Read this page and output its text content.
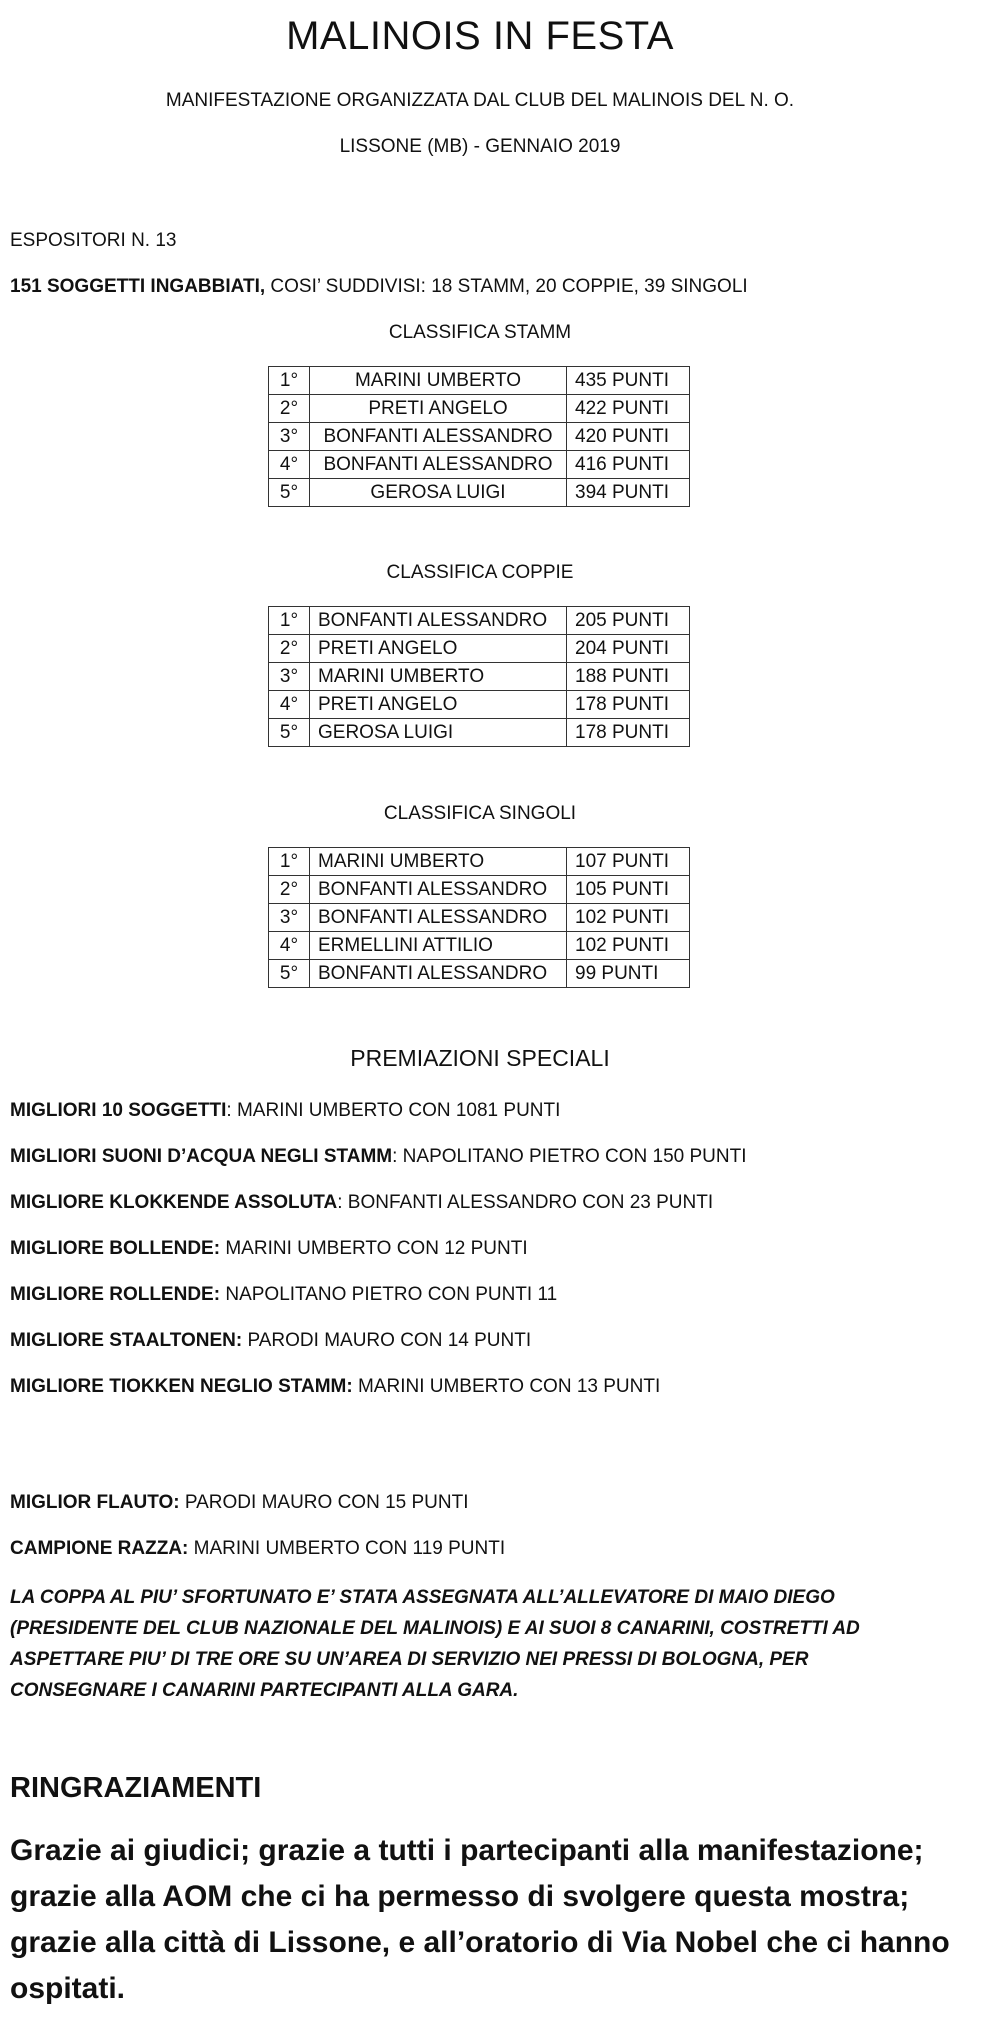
MALINOIS IN FESTA
MANIFESTAZIONE ORGANIZZATA DAL CLUB DEL MALINOIS DEL N. O.
LISSONE (MB) - GENNAIO 2019
ESPOSITORI N. 13
151 SOGGETTI INGABBIATI, COSI’ SUDDIVISI: 18 STAMM, 20 COPPIE, 39 SINGOLI
CLASSIFICA STAMM
1°	MARINI UMBERTO	435 PUNTI
2°	PRETI ANGELO	422 PUNTI
3°	BONFANTI ALESSANDRO	420 PUNTI
4°	BONFANTI ALESSANDRO	416 PUNTI
5°	GEROSA LUIGI	394 PUNTI
CLASSIFICA COPPIE
1°	BONFANTI ALESSANDRO	205 PUNTI
2°	PRETI ANGELO	204 PUNTI
3°	MARINI UMBERTO	188 PUNTI
4°	PRETI ANGELO	178 PUNTI
5°	GEROSA LUIGI	178 PUNTI
CLASSIFICA SINGOLI
1°	MARINI UMBERTO	107 PUNTI
2°	BONFANTI ALESSANDRO	105 PUNTI
3°	BONFANTI ALESSANDRO	102 PUNTI
4°	ERMELLINI ATTILIO	102 PUNTI
5°	BONFANTI ALESSANDRO	99 PUNTI
PREMIAZIONI SPECIALI
MIGLIORI 10 SOGGETTI: MARINI UMBERTO CON 1081 PUNTI
MIGLIORI SUONI D’ACQUA NEGLI STAMM: NAPOLITANO PIETRO CON 150 PUNTI
MIGLIORE KLOKKENDE ASSOLUTA: BONFANTI ALESSANDRO CON 23 PUNTI
MIGLIORE BOLLENDE: MARINI UMBERTO CON 12 PUNTI
MIGLIORE ROLLENDE: NAPOLITANO PIETRO CON PUNTI 11
MIGLIORE STAALTONEN: PARODI MAURO CON 14 PUNTI
MIGLIORE TIOKKEN NEGLIO STAMM: MARINI UMBERTO CON 13 PUNTI
MIGLIOR FLAUTO: PARODI MAURO CON 15 PUNTI
CAMPIONE RAZZA: MARINI UMBERTO CON 119 PUNTI
LA COPPA AL PIU’ SFORTUNATO E’ STATA ASSEGNATA ALL’ALLEVATORE DI MAIO DIEGO (PRESIDENTE DEL CLUB NAZIONALE DEL MALINOIS) E AI SUOI 8 CANARINI, COSTRETTI AD ASPETTARE PIU’ DI TRE ORE SU UN’AREA DI SERVIZIO NEI PRESSI DI BOLOGNA, PER CONSEGNARE I CANARINI PARTECIPANTI ALLA GARA.
RINGRAZIAMENTI
Grazie ai giudici; grazie a tutti i partecipanti alla manifestazione; grazie alla AOM che ci ha permesso di svolgere questa mostra; grazie alla città di Lissone, e all’oratorio di Via Nobel che ci hanno ospitati.
